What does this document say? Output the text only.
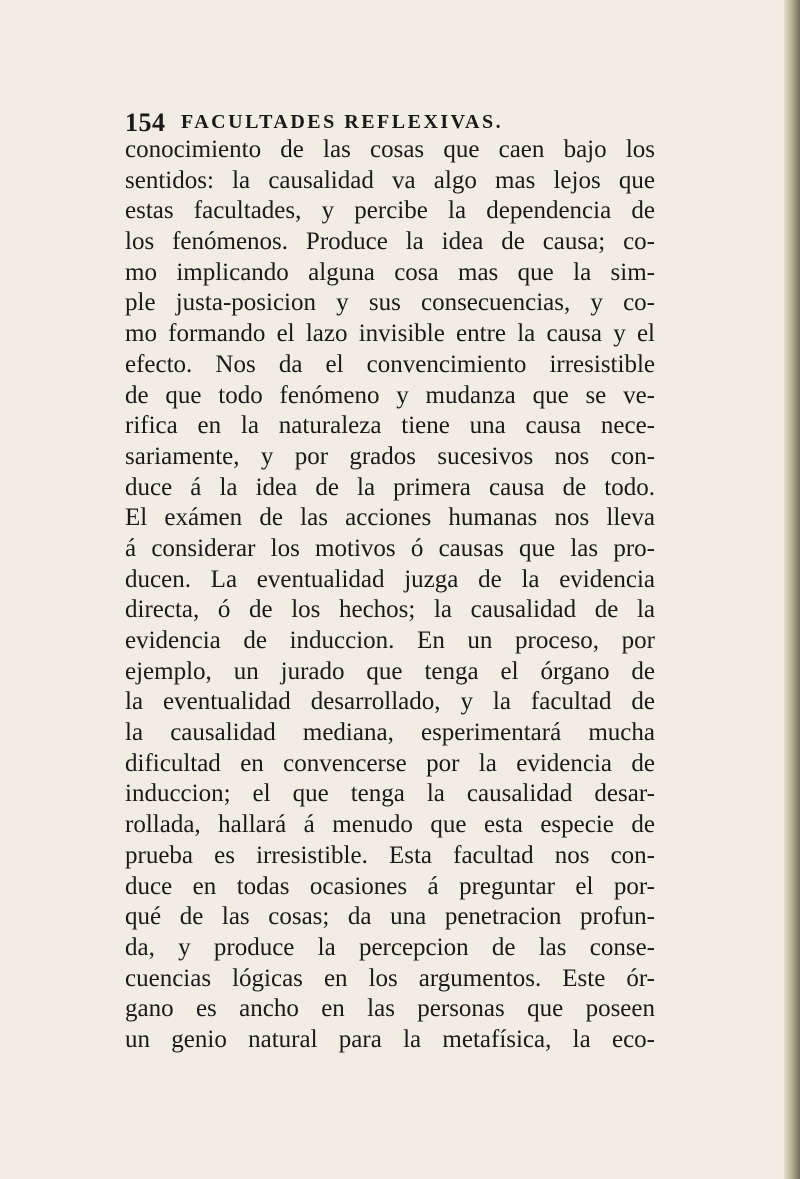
154 FACULTADES REFLEXIVAS.
conocimiento de las cosas que caen bajo los
sentidos: la causalidad va algo mas lejos que
estas facultades, y percibe la dependencia de
los fenómenos. Produce la idea de causa; co-
mo implicando alguna cosa mas que la sim-
ple justa-posicion y sus consecuencias, y co-
mo formando el lazo invisible entre la causa y el
efecto. Nos da el convencimiento irresistible
de que todo fenómeno y mudanza que se ve-
rifica en la naturaleza tiene una causa nece-
sariamente, y por grados sucesivos nos con-
duce á la idea de la primera causa de todo.
El exámen de las acciones humanas nos lleva
á considerar los motivos ó causas que las pro-
ducen. La eventualidad juzga de la evidencia
directa, ó de los hechos; la causalidad de la
evidencia de induccion. En un proceso, por
ejemplo, un jurado que tenga el órgano de
la eventualidad desarrollado, y la facultad de
la causalidad mediana, esperimentará mucha
dificultad en convencerse por la evidencia de
induccion; el que tenga la causalidad desar-
rollada, hallará á menudo que esta especie de
prueba es irresistible. Esta facultad nos con-
duce en todas ocasiones á preguntar el por-
qué de las cosas; da una penetracion profun-
da, y produce la percepcion de las conse-
cuencias lógicas en los argumentos. Este ór-
gano es ancho en las personas que poseen
un genio natural para la metafísica, la eco-
